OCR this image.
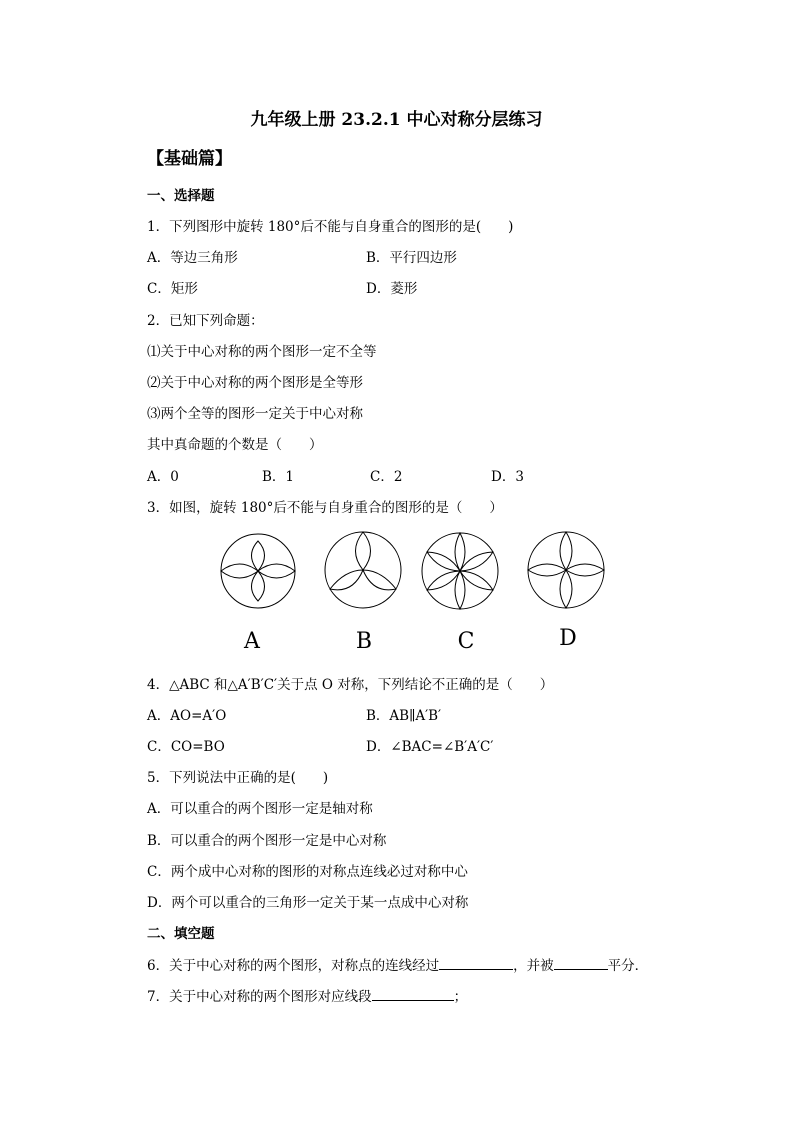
九年级上册 23.2.1 中心对称分层练习
【基础篇】
一、选择题
1．下列图形中旋转 180°后不能与自身重合的图形的是(　　)
A．等边三角形	B．平行四边形
C．矩形	D．菱形
2．已知下列命题：
⑴关于中心对称的两个图形一定不全等
⑵关于中心对称的两个图形是全等形
⑶两个全等的图形一定关于中心对称
其中真命题的个数是（　　）
A．0	B．1	C．2	D．3
3．如图，旋转 180°后不能与自身重合的图形的是（　　）
A	B	C	D
4．△ABC 和△A′B′C′关于点 O 对称，下列结论不正确的是（　　）
A．AO=A′O	B．AB∥A′B′
C．CO=BO	D．∠BAC=∠B′A′C′
5．下列说法中正确的是(　　)
A．可以重合的两个图形一定是轴对称
B．可以重合的两个图形一定是中心对称
C．两个成中心对称的图形的对称点连线必过对称中心
D．两个可以重合的三角形一定关于某一点成中心对称
二、填空题
6．关于中心对称的两个图形，对称点的连线经过	，并被	平分．
7．关于中心对称的两个图形对应线段	；
